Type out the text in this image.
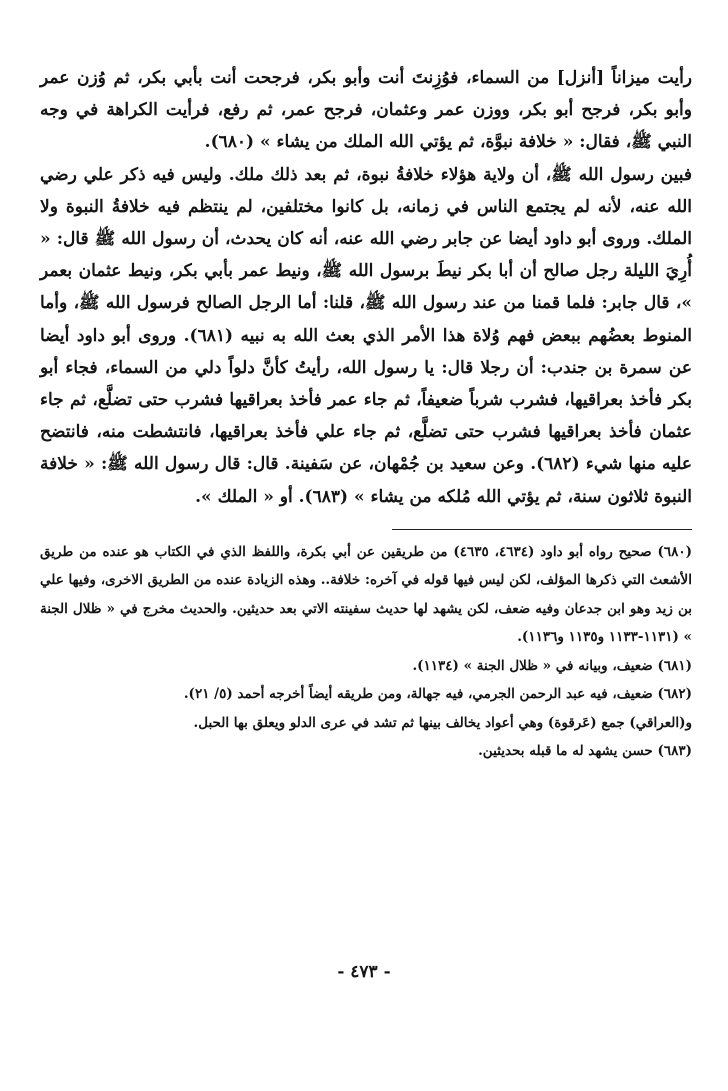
رأيت ميزاناً [أنزل] من السماء، فوُزِنتَ أنت وأبو بكر، فرجحت أنت بأبي بكر، ثم وُزن عمر وأبو بكر، فرجح أبو بكر، ووزن عمر وعثمان، فرجح عمر، ثم رفع، فرأيت الكراهة في وجه النبي ﷺ، فقال: « خلافة نبوَّة، ثم يؤتي الله الملك من يشاء » (٦٨٠).

فبين رسول الله ﷺ، أن ولاية هؤلاء خلافةُ نبوة، ثم بعد ذلك ملك. وليس فيه ذكر علي رضي الله عنه، لأنه لم يجتمع الناس في زمانه، بل كانوا مختلفين، لم ينتظم فيه خلافةُ النبوة ولا الملك. وروى أبو داود أيضا عن جابر رضي الله عنه، أنه كان يحدث، أن رسول الله ﷺ قال: « أُرِيَ الليلة رجل صالح أن أبا بكر نيطَ برسول الله ﷺ، ونيط عمر بأبي بكر، ونيط عثمان بعمر »، قال جابر: فلما قمنا من عند رسول الله ﷺ، قلنا: أما الرجل الصالح فرسول الله ﷺ، وأما المنوط بعضُهم ببعض فهم وُلاة هذا الأمر الذي بعث الله به نبيه (٦٨١). وروى أبو داود أيضا عن سمرة بن جندب: أن رجلا قال: يا رسول الله، رأيتُ كأنَّ دلواً دلي من السماء، فجاء أبو بكر فأخذ بعراقيها، فشرب شرباً ضعيفاً، ثم جاء عمر فأخذ بعراقيها فشرب حتى تضلَّع، ثم جاء عثمان فأخذ بعراقيها فشرب حتى تضلَّع، ثم جاء علي فأخذ بعراقيها، فانتشطت منه، فانتضح عليه منها شيء (٦٨٢). وعن سعيد بن جُمْهان، عن سَفينة. قال: قال رسول الله ﷺ: « خلافة النبوة ثلاثون سنة، ثم يؤتي الله مُلكه من يشاء » (٦٨٣). أو « الملك ».

(٦٨٠) صحيح رواه أبو داود (٤٦٣٤، ٤٦٣٥) من طريقين عن أبي بكرة، واللفظ الذي في الكتاب هو عنده من طريق الأشعث التي ذكرها المؤلف، لكن ليس فيها قوله في آخره: خلافة.. وهذه الزيادة عنده من الطريق الاخرى، وفيها علي بن زيد وهو ابن جدعان وفيه ضعف، لكن يشهد لها حديث سفينته الاتي بعد حديثين. والحديث مخرج في « ظلال الجنة » (١١٣١-١١٣٣ و١١٣٥ و١١٣٦).

(٦٨١) ضعيف، وبيانه في « ظلال الجنة » (١١٣٤).

(٦٨٢) ضعيف، فيه عبد الرحمن الجرمي، فيه جهالة، ومن طريقه أيضاً أخرجه أحمد (٥/ ٢١).

و(العراقي) جمع (عَرقوة) وهي أعواد يخالف بينها ثم تشد في عرى الدلو ويعلق بها الحبل.

(٦٨٣) حسن يشهد له ما قبله بحديثين.

- ٤٧٣ -
